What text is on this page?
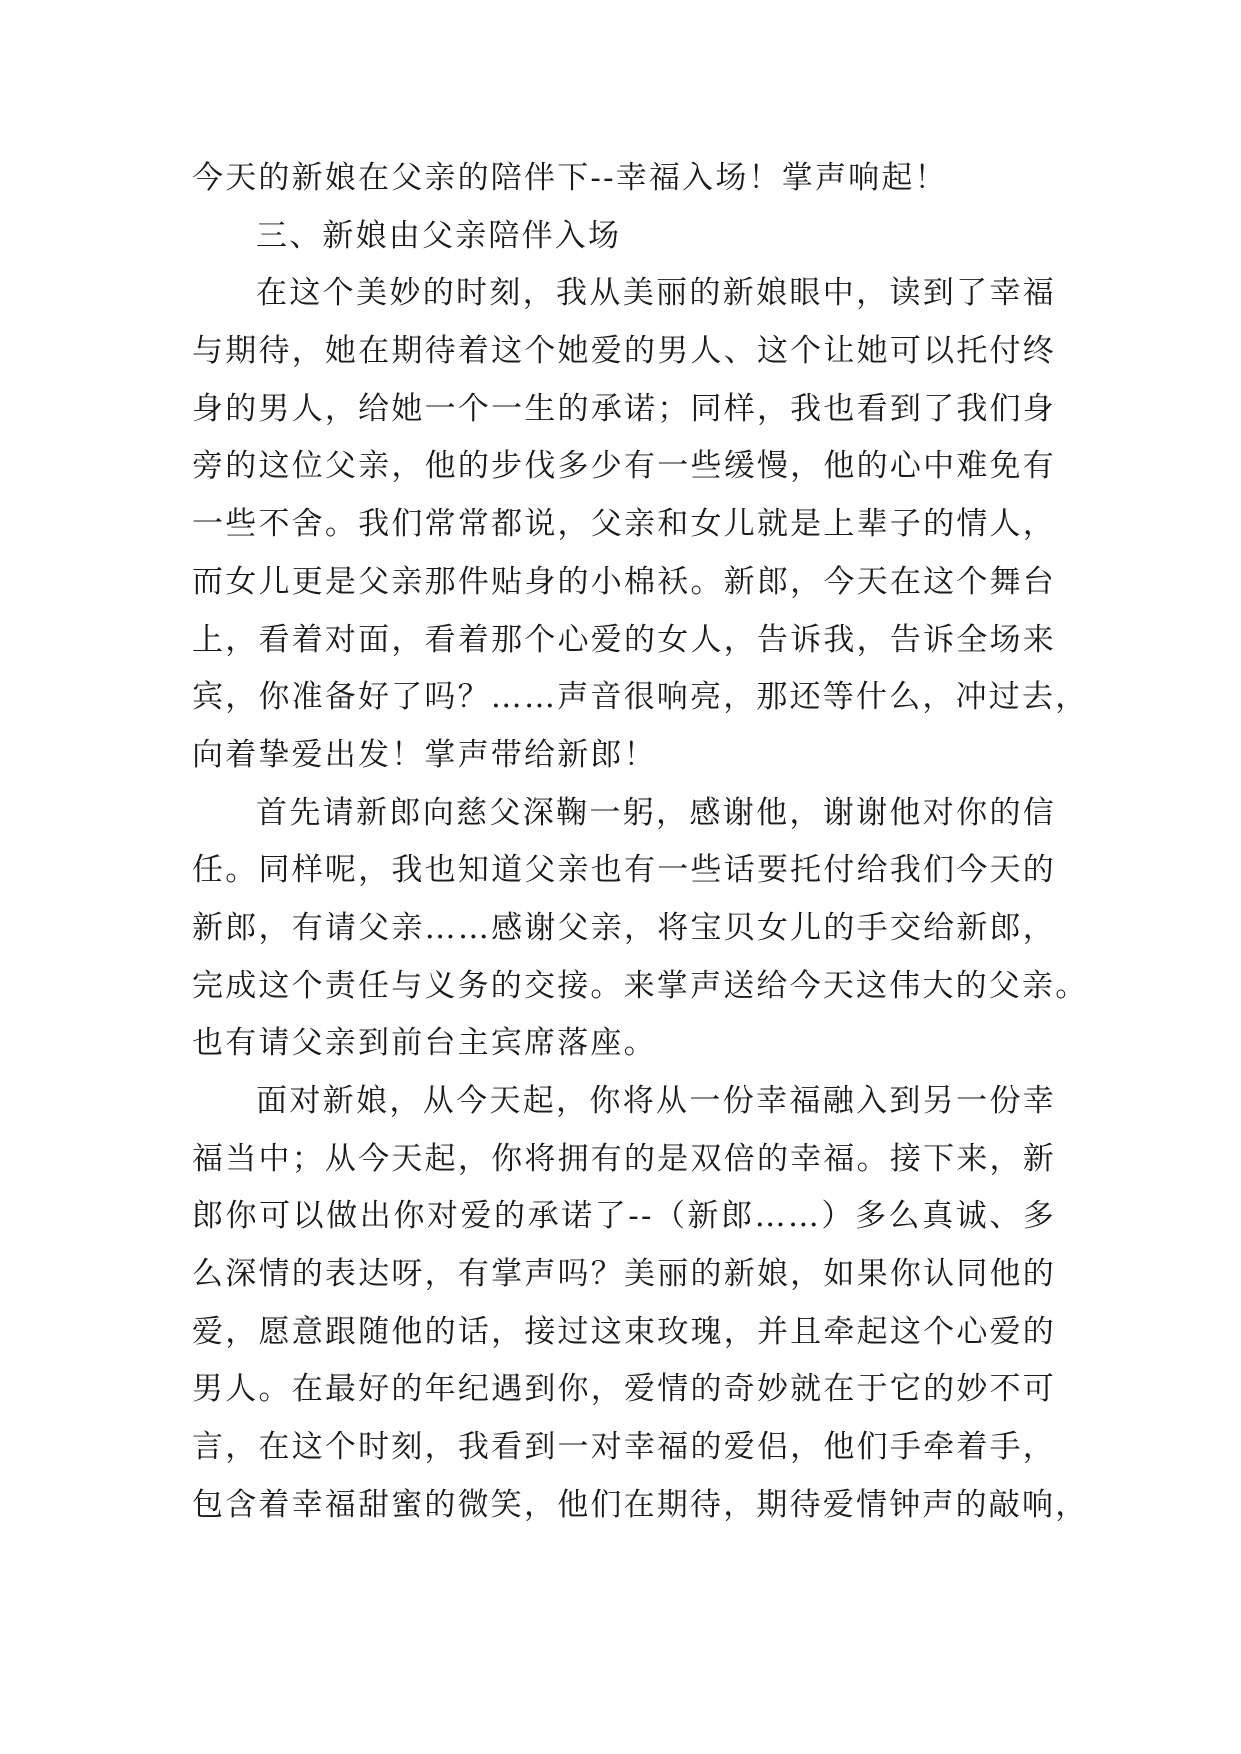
今天的新娘在父亲的陪伴下--幸福入场！掌声响起！
三、新娘由父亲陪伴入场
在这个美妙的时刻，我从美丽的新娘眼中，读到了幸福
与期待，她在期待着这个她爱的男人、这个让她可以托付终
身的男人，给她一个一生的承诺；同样，我也看到了我们身
旁的这位父亲，他的步伐多少有一些缓慢，他的心中难免有
一些不舍。我们常常都说，父亲和女儿就是上辈子的情人，
而女儿更是父亲那件贴身的小棉袄。新郎，今天在这个舞台
上，看着对面，看着那个心爱的女人，告诉我，告诉全场来
宾，你准备好了吗？……声音很响亮，那还等什么，冲过去，
向着挚爱出发！掌声带给新郎！
首先请新郎向慈父深鞠一躬，感谢他，谢谢他对你的信
任。同样呢，我也知道父亲也有一些话要托付给我们今天的
新郎，有请父亲……感谢父亲，将宝贝女儿的手交给新郎，
完成这个责任与义务的交接。来掌声送给今天这伟大的父亲。
也有请父亲到前台主宾席落座。
面对新娘，从今天起，你将从一份幸福融入到另一份幸
福当中；从今天起，你将拥有的是双倍的幸福。接下来，新
郎你可以做出你对爱的承诺了--（新郎……）多么真诚、多
么深情的表达呀，有掌声吗？美丽的新娘，如果你认同他的
爱，愿意跟随他的话，接过这束玫瑰，并且牵起这个心爱的
男人。在最好的年纪遇到你，爱情的奇妙就在于它的妙不可
言，在这个时刻，我看到一对幸福的爱侣，他们手牵着手，
包含着幸福甜蜜的微笑，他们在期待，期待爱情钟声的敲响，
